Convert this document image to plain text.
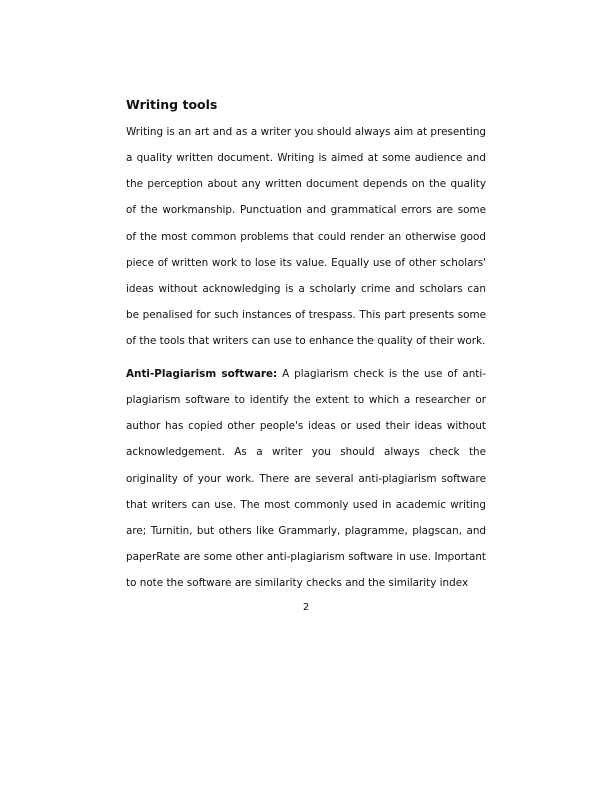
Writing tools

Writing is an art and as a writer you should always aim at presenting a quality written document. Writing is aimed at some audience and the perception about any written document depends on the quality of the workmanship. Punctuation and grammatical errors are some of the most common problems that could render an otherwise good piece of written work to lose its value. Equally use of other scholars' ideas without acknowledging is a scholarly crime and scholars can be penalised for such instances of trespass. This part presents some of the tools that writers can use to enhance the quality of their work.

Anti-Plagiarism software: A plagiarism check is the use of anti-plagiarism software to identify the extent to which a researcher or author has copied other people's ideas or used their ideas without acknowledgement. As a writer you should always check the originality of your work. There are several anti-plagiarism software that writers can use. The most commonly used in academic writing are; Turnitin, but others like Grammarly, plagramme, plagscan, and paperRate are some other anti-plagiarism software in use. Important to note the software are similarity checks and the similarity index

2
